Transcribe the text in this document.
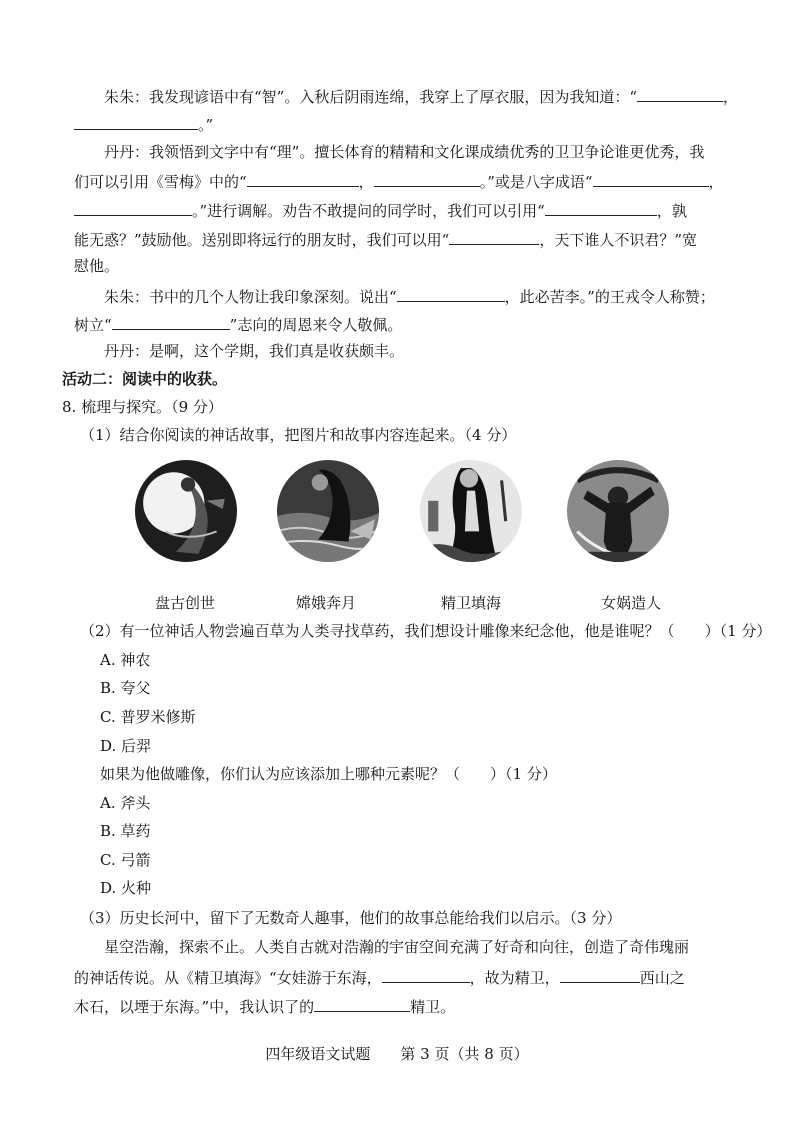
朱朱：我发现谚语中有“智”。入秋后阴雨连绵，我穿上了厚衣服，因为我知道：“	，
。”
丹丹：我领悟到文字中有“理”。擅长体育的精精和文化课成绩优秀的卫卫争论谁更优秀，我
们可以引用《雪梅》中的“	，	。”或是八字成语“	，
。”进行调解。劝告不敢提问的同学时，我们可以引用“	，孰
能无惑？”鼓励他。送别即将远行的朋友时，我们可以用“	，天下谁人不识君？”宽
慰他。
朱朱：书中的几个人物让我印象深刻。说出“	，此必苦李。”的王戎令人称赞；
树立“	”志向的周恩来令人敬佩。
丹丹：是啊，这个学期，我们真是收获颇丰。
活动二：阅读中的收获。
8. 梳理与探究。（9 分）
（1）结合你阅读的神话故事，把图片和故事内容连起来。（4 分）
盘古创世	嫦娥奔月	精卫填海	女娲造人
（2）有一位神话人物尝遍百草为人类寻找草药，我们想设计雕像来纪念他，他是谁呢？（ ）（1 分）
A. 神农
B. 夸父
C. 普罗米修斯
D. 后羿
如果为他做雕像，你们认为应该添加上哪种元素呢？（ ）（1 分）
A. 斧头
B. 草药
C. 弓箭
D. 火种
（3）历史长河中，留下了无数奇人趣事，他们的故事总能给我们以启示。（3 分）
星空浩瀚，探索不止。人类自古就对浩瀚的宇宙空间充满了好奇和向往，创造了奇伟瑰丽
的神话传说。从《精卫填海》“女娃游于东海，	，故为精卫，	西山之
木石，以堙于东海。”中，我认识了的	精卫。
四年级语文试题　　第 3 页（共 8 页）
